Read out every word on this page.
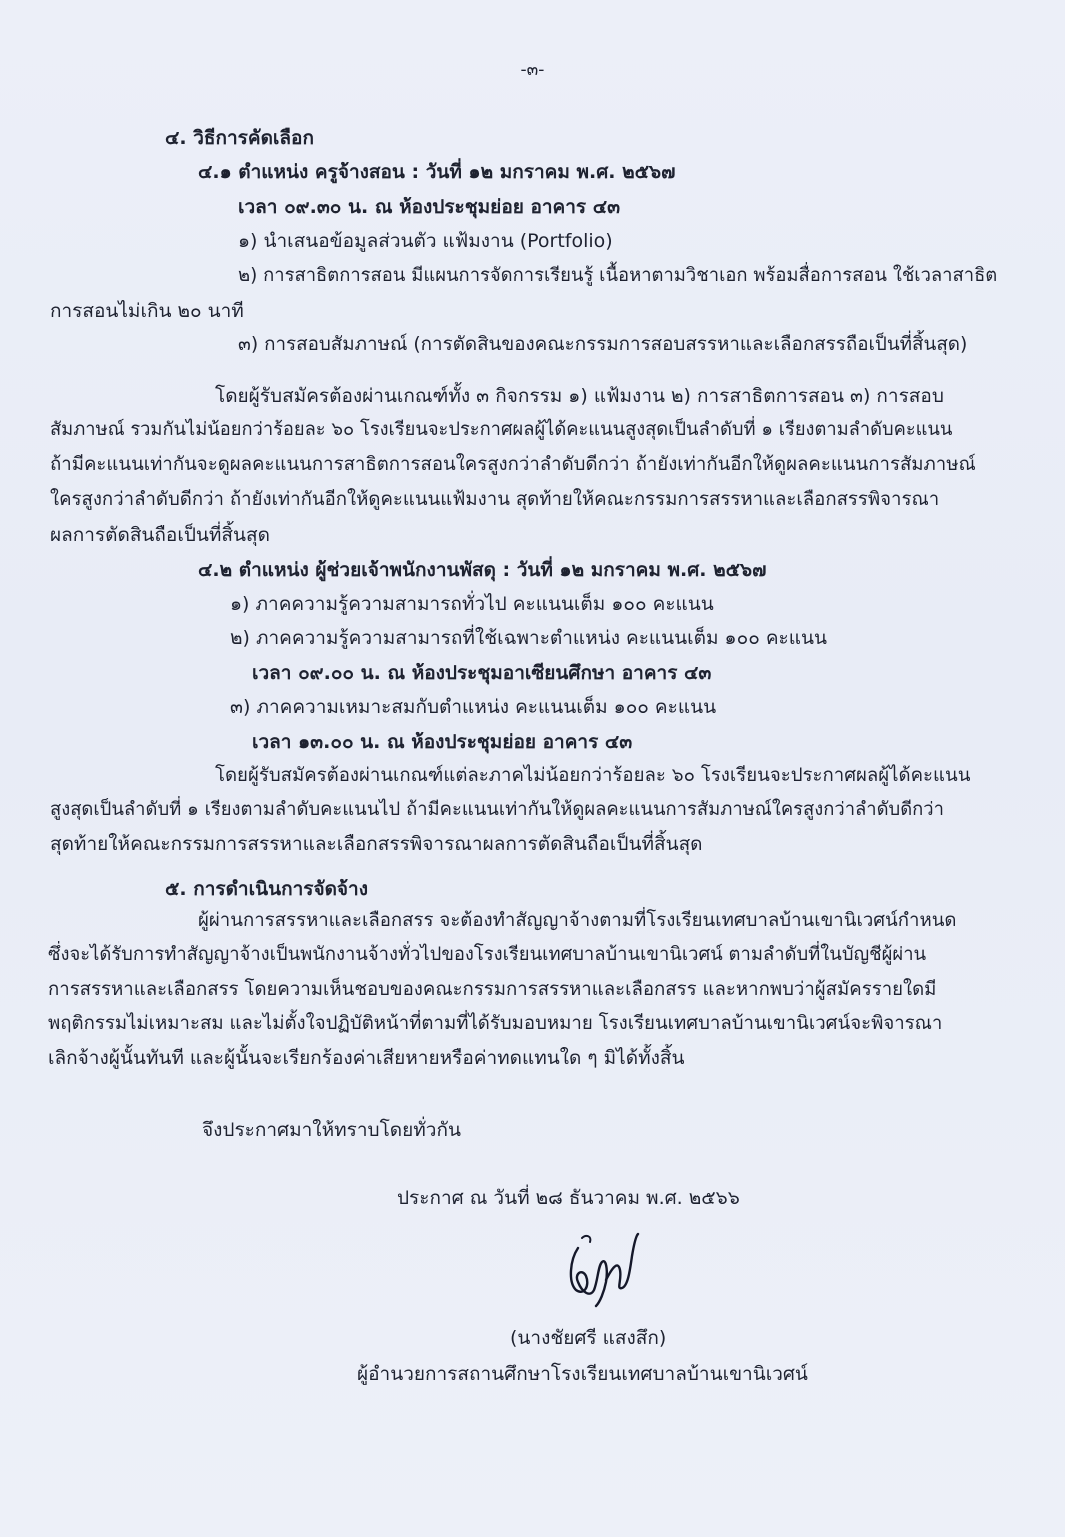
-๓-
๔. วิธีการคัดเลือก
๔.๑ ตำแหน่ง ครูจ้างสอน : วันที่ ๑๒ มกราคม พ.ศ. ๒๕๖๗
เวลา ๐๙.๓๐ น. ณ ห้องประชุมย่อย อาคาร ๔๓
๑) นำเสนอข้อมูลส่วนตัว แฟ้มงาน (Portfolio)
๒) การสาธิตการสอน มีแผนการจัดการเรียนรู้ เนื้อหาตามวิชาเอก พร้อมสื่อการสอน ใช้เวลาสาธิต
การสอนไม่เกิน ๒๐ นาที
๓) การสอบสัมภาษณ์ (การตัดสินของคณะกรรมการสอบสรรหาและเลือกสรรถือเป็นที่สิ้นสุด)
โดยผู้รับสมัครต้องผ่านเกณฑ์ทั้ง ๓ กิจกรรม ๑) แฟ้มงาน ๒) การสาธิตการสอน ๓) การสอบ
สัมภาษณ์ รวมกันไม่น้อยกว่าร้อยละ ๖๐ โรงเรียนจะประกาศผลผู้ได้คะแนนสูงสุดเป็นลำดับที่ ๑ เรียงตามลำดับคะแนน
ถ้ามีคะแนนเท่ากันจะดูผลคะแนนการสาธิตการสอนใครสูงกว่าลำดับดีกว่า ถ้ายังเท่ากันอีกให้ดูผลคะแนนการสัมภาษณ์
ใครสูงกว่าลำดับดีกว่า ถ้ายังเท่ากันอีกให้ดูคะแนนแฟ้มงาน สุดท้ายให้คณะกรรมการสรรหาและเลือกสรรพิจารณา
ผลการตัดสินถือเป็นที่สิ้นสุด
๔.๒ ตำแหน่ง ผู้ช่วยเจ้าพนักงานพัสดุ : วันที่ ๑๒ มกราคม พ.ศ. ๒๕๖๗
๑) ภาคความรู้ความสามารถทั่วไป คะแนนเต็ม ๑๐๐ คะแนน
๒) ภาคความรู้ความสามารถที่ใช้เฉพาะตำแหน่ง คะแนนเต็ม ๑๐๐ คะแนน
เวลา ๐๙.๐๐ น. ณ ห้องประชุมอาเซียนศึกษา อาคาร ๔๓
๓) ภาคความเหมาะสมกับตำแหน่ง คะแนนเต็ม ๑๐๐ คะแนน
เวลา ๑๓.๐๐ น. ณ ห้องประชุมย่อย อาคาร ๔๓
โดยผู้รับสมัครต้องผ่านเกณฑ์แต่ละภาคไม่น้อยกว่าร้อยละ ๖๐ โรงเรียนจะประกาศผลผู้ได้คะแนน
สูงสุดเป็นลำดับที่ ๑ เรียงตามลำดับคะแนนไป ถ้ามีคะแนนเท่ากันให้ดูผลคะแนนการสัมภาษณ์ใครสูงกว่าลำดับดีกว่า
สุดท้ายให้คณะกรรมการสรรหาและเลือกสรรพิจารณาผลการตัดสินถือเป็นที่สิ้นสุด
๕. การดำเนินการจัดจ้าง
ผู้ผ่านการสรรหาและเลือกสรร จะต้องทำสัญญาจ้างตามที่โรงเรียนเทศบาลบ้านเขานิเวศน์กำหนด
ซึ่งจะได้รับการทำสัญญาจ้างเป็นพนักงานจ้างทั่วไปของโรงเรียนเทศบาลบ้านเขานิเวศน์ ตามลำดับที่ในบัญชีผู้ผ่าน
การสรรหาและเลือกสรร โดยความเห็นชอบของคณะกรรมการสรรหาและเลือกสรร และหากพบว่าผู้สมัครรายใดมี
พฤติกรรมไม่เหมาะสม และไม่ตั้งใจปฏิบัติหน้าที่ตามที่ได้รับมอบหมาย โรงเรียนเทศบาลบ้านเขานิเวศน์จะพิจารณา
เลิกจ้างผู้นั้นทันที และผู้นั้นจะเรียกร้องค่าเสียหายหรือค่าทดแทนใด ๆ มิได้ทั้งสิ้น
จึงประกาศมาให้ทราบโดยทั่วกัน
ประกาศ ณ วันที่ ๒๘ ธันวาคม พ.ศ. ๒๕๖๖
(นางชัยศรี แสงสึก)
ผู้อำนวยการสถานศึกษาโรงเรียนเทศบาลบ้านเขานิเวศน์
